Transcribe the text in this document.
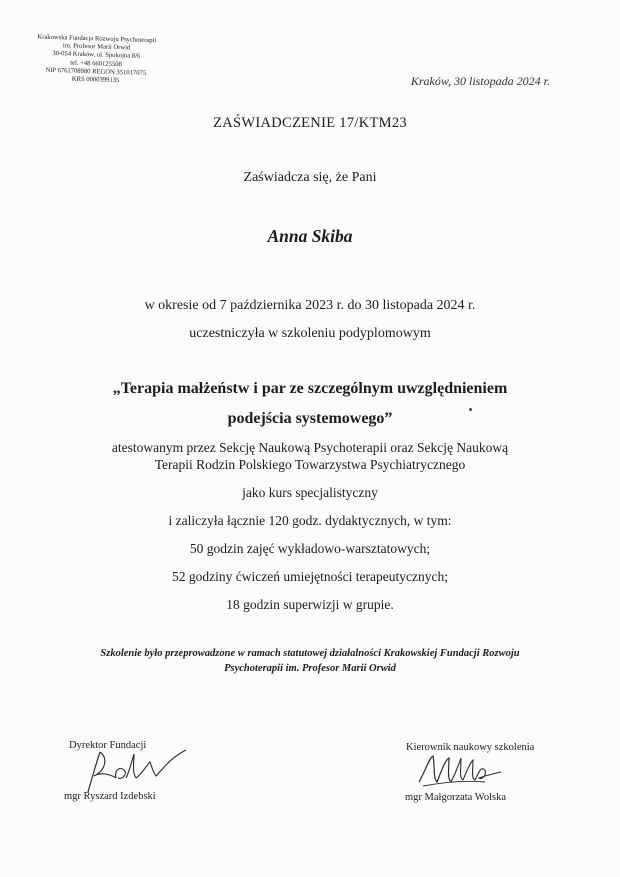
Krakowska Fundacja Rozwoju Psychoterapii
im. Profesor Marii Orwid
30-054 Kraków, ul. Spokojna 8/6
tel. +48 660125508
NIP 6761708980 REGON 351017075
KRS 0000399135	Kraków, 30 listopada 2024 r.
ZAŚWIADCZENIE 17/KTM23
Zaświadcza się, że Pani
Anna Skiba
w okresie od 7 października 2023 r. do 30 listopada 2024 r.
uczestniczyła w szkoleniu podyplomowym
„Terapia małżeństw i par ze szczególnym uwzględnieniem
podejścia systemowego”
atestowanym przez Sekcję Naukową Psychoterapii oraz Sekcję Naukową
Terapii Rodzin Polskiego Towarzystwa Psychiatrycznego
jako kurs specjalistyczny
i zaliczyła łącznie 120 godz. dydaktycznych, w tym:
50 godzin zajęć wykładowo-warsztatowych;
52 godziny ćwiczeń umiejętności terapeutycznych;
18 godzin superwizji w grupie.
Szkolenie było przeprowadzone w ramach statutowej działalności Krakowskiej Fundacji Rozwoju
Psychoterapii im. Profesor Marii Orwid
Dyrektor Fundacji
mgr Ryszard Izdebski
Kierownik naukowy szkolenia
mgr Małgorzata Wolska
